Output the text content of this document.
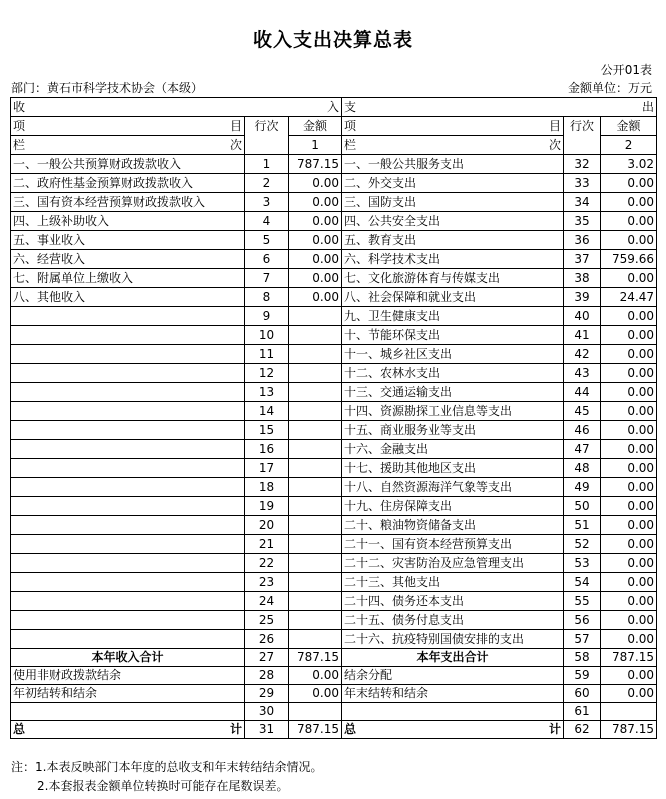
收入支出决算总表
公开01表
部门：黄石市科学技术协会（本级）	金额单位：万元
收 入			支 出		

项 目	行次	金额	项 目	行次	金额

栏 次		1	栏 次		2
一、一般公共预算财政拨款收入	1	787.15	一、一般公共服务支出	32	3.02
二、政府性基金预算财政拨款收入	2	0.00	二、外交支出	33	0.00
三、国有资本经营预算财政拨款收入	3	0.00	三、国防支出	34	0.00
四、上级补助收入	4	0.00	四、公共安全支出	35	0.00
五、事业收入	5	0.00	五、教育支出	36	0.00
六、经营收入	6	0.00	六、科学技术支出	37	759.66
七、附属单位上缴收入	7	0.00	七、文化旅游体育与传媒支出	38	0.00
八、其他收入	8	0.00	八、社会保障和就业支出	39	24.47
	9		九、卫生健康支出	40	0.00
	10		十、节能环保支出	41	0.00
	11		十一、城乡社区支出	42	0.00
	12		十二、农林水支出	43	0.00
	13		十三、交通运输支出	44	0.00
	14		十四、资源勘探工业信息等支出	45	0.00
	15		十五、商业服务业等支出	46	0.00
	16		十六、金融支出	47	0.00
	17		十七、援助其他地区支出	48	0.00
	18		十八、自然资源海洋气象等支出	49	0.00
	19		十九、住房保障支出	50	0.00
	20		二十、粮油物资储备支出	51	0.00
	21		二十一、国有资本经营预算支出	52	0.00
	22		二十二、灾害防治及应急管理支出	53	0.00
	23		二十三、其他支出	54	0.00
	24		二十四、债务还本支出	55	0.00
	25		二十五、债务付息支出	56	0.00
	26		二十六、抗疫特别国债安排的支出	57	0.00
本年收入合计	27	787.15	本年支出合计	58	787.15
使用非财政拨款结余	28	0.00	结余分配	59	0.00
年初结转和结余	29	0.00	年末结转和结余	60	0.00
	30			61	

总 计	31	787.15	总 计	62	787.15
注：1.本表反映部门本年度的总收支和年末转结结余情况。
2.本套报表金额单位转换时可能存在尾数误差。
